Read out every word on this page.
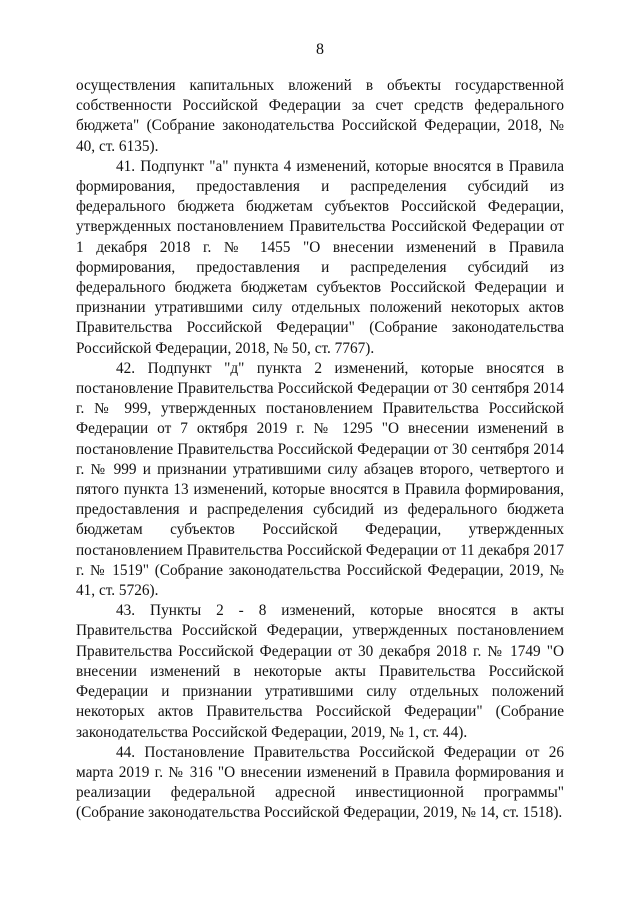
8

осуществления капитальных вложений в объекты государственной собственности Российской Федерации за счет средств федерального бюджета" (Собрание законодательства Российской Федерации, 2018, № 40, ст. 6135).

41. Подпункт "а" пункта 4 изменений, которые вносятся в Правила формирования, предоставления и распределения субсидий из федерального бюджета бюджетам субъектов Российской Федерации, утвержденных постановлением Правительства Российской Федерации от 1 декабря 2018 г. № 1455 "О внесении изменений в Правила формирования, предоставления и распределения субсидий из федерального бюджета бюджетам субъектов Российской Федерации и признании утратившими силу отдельных положений некоторых актов Правительства Российской Федерации" (Собрание законодательства Российской Федерации, 2018, № 50, ст. 7767).

42. Подпункт "д" пункта 2 изменений, которые вносятся в постановление Правительства Российской Федерации от 30 сентября 2014 г. № 999, утвержденных постановлением Правительства Российской Федерации от 7 октября 2019 г. № 1295 "О внесении изменений в постановление Правительства Российской Федерации от 30 сентября 2014 г. № 999 и признании утратившими силу абзацев второго, четвертого и пятого пункта 13 изменений, которые вносятся в Правила формирования, предоставления и распределения субсидий из федерального бюджета бюджетам субъектов Российской Федерации, утвержденных постановлением Правительства Российской Федерации от 11 декабря 2017 г. № 1519" (Собрание законодательства Российской Федерации, 2019, № 41, ст. 5726).

43. Пункты 2 - 8 изменений, которые вносятся в акты Правительства Российской Федерации, утвержденных постановлением Правительства Российской Федерации от 30 декабря 2018 г. № 1749 "О внесении изменений в некоторые акты Правительства Российской Федерации и признании утратившими силу отдельных положений некоторых актов Правительства Российской Федерации" (Собрание законодательства Российской Федерации, 2019, № 1, ст. 44).

44. Постановление Правительства Российской Федерации от 26 марта 2019 г. № 316 "О внесении изменений в Правила формирования и реализации федеральной адресной инвестиционной программы" (Собрание законодательства Российской Федерации, 2019, № 14, ст. 1518).
